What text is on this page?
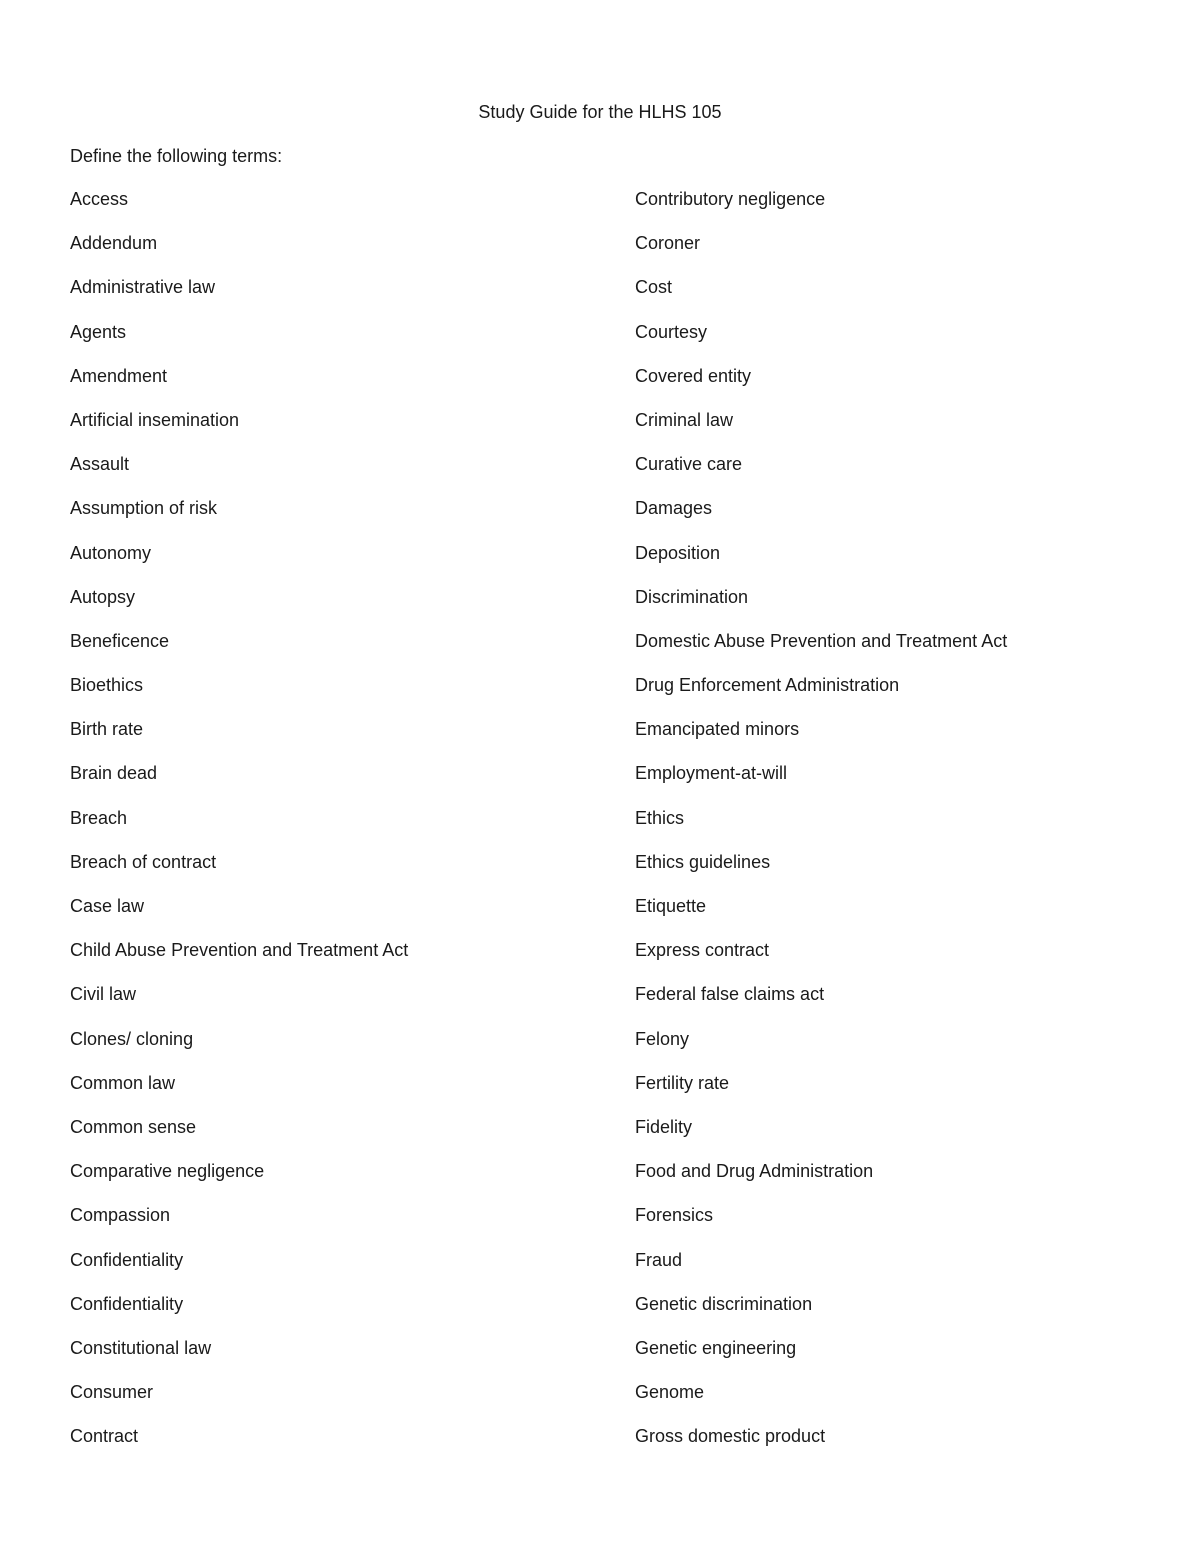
Study Guide for the HLHS 105
Define the following terms:
Access
Addendum
Administrative law
Agents
Amendment
Artificial insemination
Assault
Assumption of risk
Autonomy
Autopsy
Beneficence
Bioethics
Birth rate
Brain dead
Breach
Breach of contract
Case law
Child Abuse Prevention and Treatment Act
Civil law
Clones/ cloning
Common law
Common sense
Comparative negligence
Compassion
Confidentiality
Confidentiality
Constitutional law
Consumer
Contract
Contributory negligence
Coroner
Cost
Courtesy
Covered entity
Criminal law
Curative care
Damages
Deposition
Discrimination
Domestic Abuse Prevention and Treatment Act
Drug Enforcement Administration
Emancipated minors
Employment-at-will
Ethics
Ethics guidelines
Etiquette
Express contract
Federal false claims act
Felony
Fertility rate
Fidelity
Food and Drug Administration
Forensics
Fraud
Genetic discrimination
Genetic engineering
Genome
Gross domestic product
